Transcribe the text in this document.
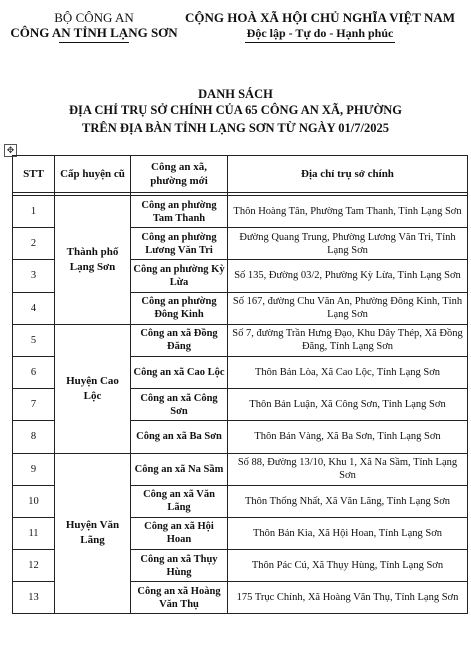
BỘ CÔNG AN
CÔNG AN TỈNH LẠNG SƠN
CỘNG HOÀ XÃ HỘI CHỦ NGHĨA VIỆT NAM
Độc lập - Tự do - Hạnh phúc
DANH SÁCH
ĐỊA CHỈ TRỤ SỞ CHÍNH CỦA 65 CÔNG AN XÃ, PHƯỜNG
TRÊN ĐỊA BÀN TỈNH LẠNG SƠN TỪ NGÀY 01/7/2025
✥
STT	Cấp huyện cũ	Công an xã, phường mới	Địa chỉ trụ sở chính

1	Thành phố Lạng Sơn	Công an phường Tam Thanh	Thôn Hoàng Tân, Phường Tam Thanh, Tỉnh Lạng Sơn
2		Công an phường Lương Văn Tri	Đường Quang Trung, Phường Lương Văn Tri, Tỉnh Lạng Sơn
3		Công an phường Kỳ Lừa	Số 135, Đường 03/2, Phường Kỳ Lừa, Tỉnh Lạng Sơn
4		Công an phường Đông Kinh	Số 167, đường Chu Văn An, Phường Đông Kinh, Tỉnh Lạng Sơn
5	Huyện Cao Lộc	Công an xã Đồng Đăng	Số 7, đường Trần Hưng Đạo, Khu Dây Thép, Xã Đồng Đăng, Tỉnh Lạng Sơn
6		Công an xã Cao Lộc	Thôn Bản Lòa, Xã Cao Lộc, Tỉnh Lạng Sơn
7		Công an xã Công Sơn	Thôn Bản Luận, Xã Công Sơn, Tỉnh Lạng Sơn
8		Công an xã Ba Sơn	Thôn Bản Vàng, Xã Ba Sơn, Tỉnh Lạng Sơn
9	Huyện Văn Lãng	Công an xã Na Sầm	Số 88, Đường 13/10, Khu 1, Xã Na Sầm, Tỉnh Lạng Sơn
10		Công an xã Văn Lãng	Thôn Thống Nhất, Xã Văn Lãng, Tỉnh Lạng Sơn
11		Công an xã Hội Hoan	Thôn Bản Kia, Xã Hội Hoan, Tỉnh Lạng Sơn
12		Công an xã Thụy Hùng	Thôn Pác Cú, Xã Thụy Hùng, Tỉnh Lạng Sơn
13		Công an xã Hoàng Văn Thụ	175 Trục Chính, Xã Hoàng Văn Thụ, Tỉnh Lạng Sơn
